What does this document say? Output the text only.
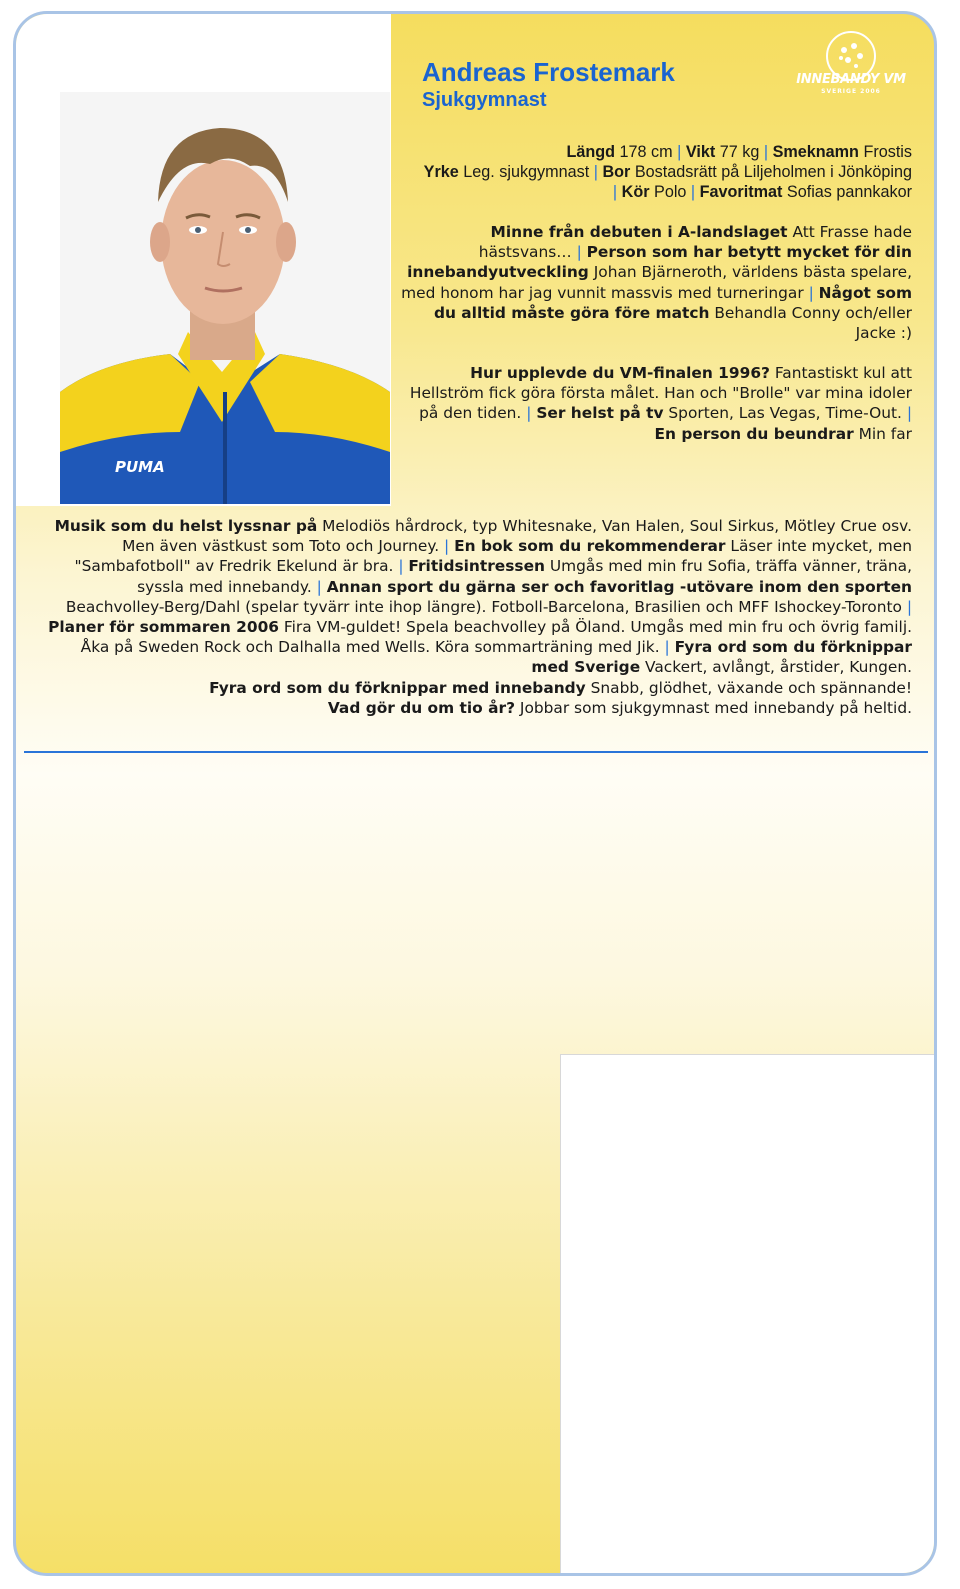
PUMA
INNEBANDY VM
SVERIGE 2006
Andreas Frostemark
Sjukgymnast

Längd 178 cm | Vikt 77 kg | Smeknamn Frostis
Yrke Leg. sjukgymnast | Bor Bostadsrätt på Liljeholmen i Jönköping

| Kör Polo | Favoritmat Sofias pannkakor

Minne från debuten i A-landslaget Att Frasse hade hästsvans… | Person som har betytt mycket för din innebandyutveckling Johan Bjärneroth, världens bästa spelare, med honom har jag vunnit massvis med turneringar | Något som du alltid måste göra före match Behandla Conny och/eller Jacke :)

Hur upplevde du VM-finalen 1996? Fantastiskt kul att Hellström fick göra första målet. Han och "Brolle" var mina idoler på den tiden. | Ser helst på tv Sporten, Las Vegas, Time-Out. | En person du beundrar Min far

Musik som du helst lyssnar på Melodiös hårdrock, typ Whitesnake, Van Halen, Soul Sirkus, Mötley Crue osv. Men även västkust som Toto och Journey. | En bok som du rekommenderar Läser inte mycket, men "Sambafotboll" av Fredrik Ekelund är bra. | Fritidsintressen Umgås med min fru Sofia, träffa vänner, träna, syssla med innebandy. | Annan sport du gärna ser och favoritlag -utövare inom den sporten Beachvolley-Berg/Dahl (spelar tyvärr inte ihop längre). Fotboll-Barcelona, Brasilien och MFF Ishockey-Toronto | Planer för sommaren 2006 Fira VM-guldet! Spela beachvolley på Öland. Umgås med min fru och övrig familj. Åka på Sweden Rock och Dalhalla med Wells. Köra sommarträning med Jik. | Fyra ord som du förknippar med Sverige Vackert, avlångt, årstider, Kungen.
Fyra ord som du förknippar med innebandy Snabb, glödhet, växande och spännande!
Vad gör du om tio år? Jobbar som sjukgymnast med innebandy på heltid.
